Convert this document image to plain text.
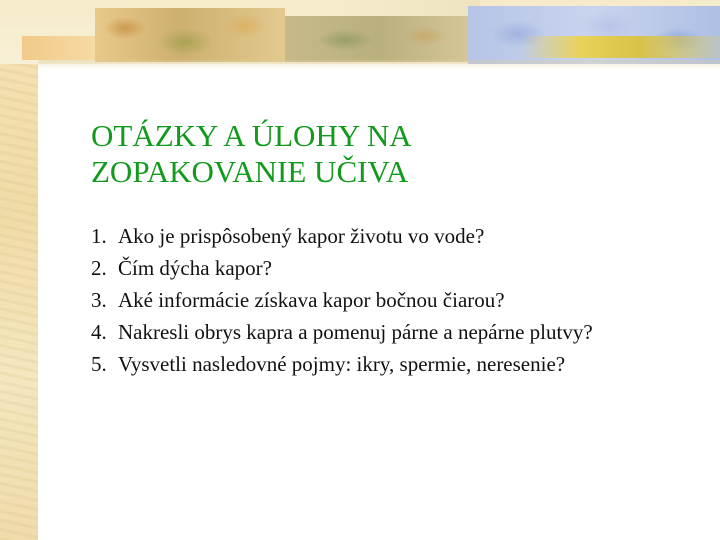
OTÁZKY A ÚLOHY NA
ZOPAKOVANIE UČIVA
1. Ako je prispôsobený kapor životu vo vode?
2. Čím dýcha kapor?
3. Aké informácie získava kapor bočnou čiarou?
4. Nakresli obrys kapra a pomenuj párne a nepárne plutvy?
5. Vysvetli nasledovné pojmy: ikry, spermie, neresenie?
